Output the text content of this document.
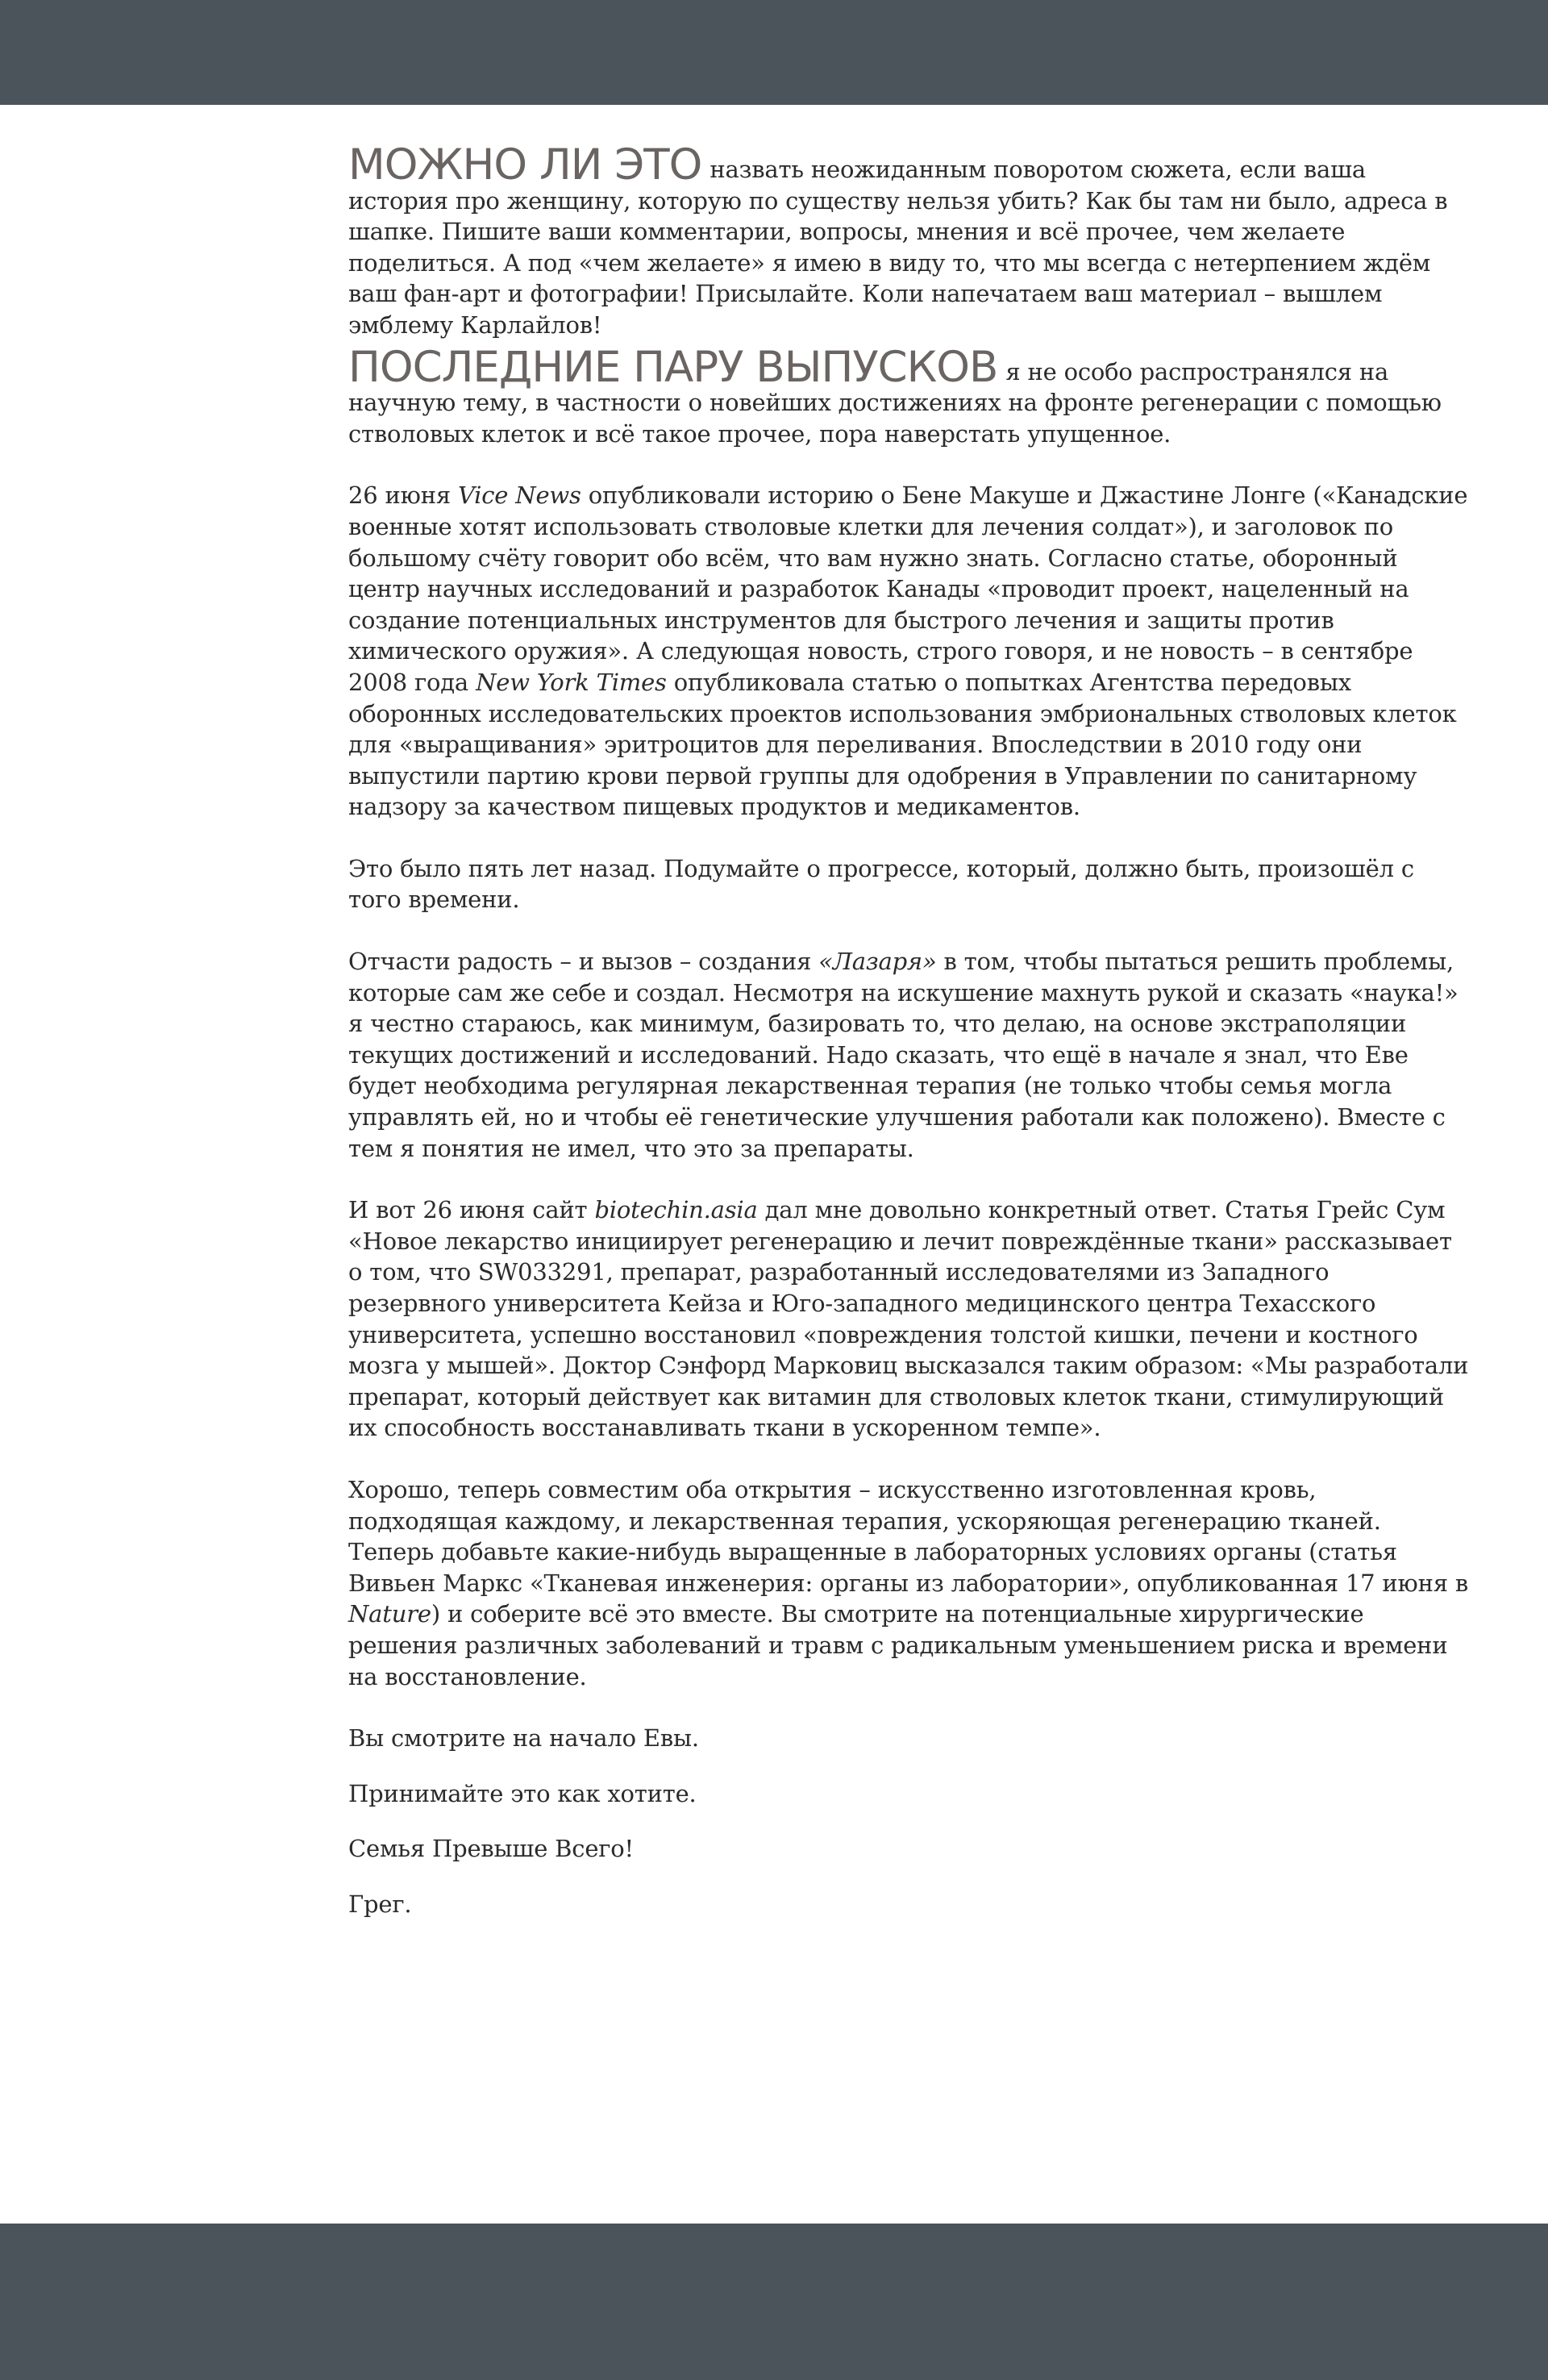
МОЖНО ЛИ ЭТО назвать неожиданным поворотом сюжета, если ваша история про женщину, которую по существу нельзя убить? Как бы там ни было, адреса в шапке. Пишите ваши комментарии, вопросы, мнения и всё прочее, чем желаете поделиться. А под «чем желаете» я имею в виду то, что мы всегда с нетерпением ждём ваш фан-арт и фотографии! Присылайте. Коли напечатаем ваш материал – вышлем эмблему Карлайлов!

ПОСЛЕДНИЕ ПАРУ ВЫПУСКОВ я не особо распространялся на научную тему, в частности о новейших достижениях на фронте регенерации с помощью стволовых клеток и всё такое прочее, пора наверстать упущенное.

26 июня Vice News опубликовали историю о Бене Макуше и Джастине Лонге («Канадские военные хотят использовать стволовые клетки для лечения солдат»), и заголовок по большому счёту говорит обо всём, что вам нужно знать. Согласно статье, оборонный центр научных исследований и разработок Канады «проводит проект, нацеленный на создание потенциальных инструментов для быстрого лечения и защиты против химического оружия». А следующая новость, строго говоря, и не новость – в сентябре 2008 года New York Times опубликовала статью о попытках Агентства передовых оборонных исследовательских проектов использования эмбриональных стволовых клеток для «выращивания» эритроцитов для переливания. Впоследствии в 2010 году они выпустили партию крови первой группы для одобрения в Управлении по санитарному надзору за качеством пищевых продуктов и медикаментов.

Это было пять лет назад. Подумайте о прогрессе, который, должно быть, произошёл с того времени.

Отчасти радость – и вызов – создания «Лазаря» в том, чтобы пытаться решить проблемы, которые сам же себе и создал. Несмотря на искушение махнуть рукой и сказать «наука!» я честно стараюсь, как минимум, базировать то, что делаю, на основе экстраполяции текущих достижений и исследований. Надо сказать, что ещё в начале я знал, что Еве будет необходима регулярная лекарственная терапия (не только чтобы семья могла управлять ей, но и чтобы её генетические улучшения работали как положено). Вместе с тем я понятия не имел, что это за препараты.

И вот 26 июня сайт biotechin.asia дал мне довольно конкретный ответ. Статья Грейс Сум «Новое лекарство инициирует регенерацию и лечит повреждённые ткани» рассказывает о том, что SW033291, препарат, разработанный исследователями из Западного резервного университета Кейза и Юго-западного медицинского центра Техасского университета, успешно восстановил «повреждения толстой кишки, печени и костного мозга у мышей». Доктор Сэнфорд Марковиц высказался таким образом: «Мы разработали препарат, который действует как витамин для стволовых клеток ткани, стимулирующий их способность восстанавливать ткани в ускоренном темпе».

Хорошо, теперь совместим оба открытия – искусственно изготовленная кровь, подходящая каждому, и лекарственная терапия, ускоряющая регенерацию тканей. Теперь добавьте какие-нибудь выращенные в лабораторных условиях органы (статья Вивьен Маркс «Тканевая инженерия: органы из лаборатории», опубликованная 17 июня в Nature) и соберите всё это вместе. Вы смотрите на потенциальные хирургические решения различных заболеваний и травм с радикальным уменьшением риска и времени на восстановление.

Вы смотрите на начало Евы.

Принимайте это как хотите.

Семья Превыше Всего!

Грег.
